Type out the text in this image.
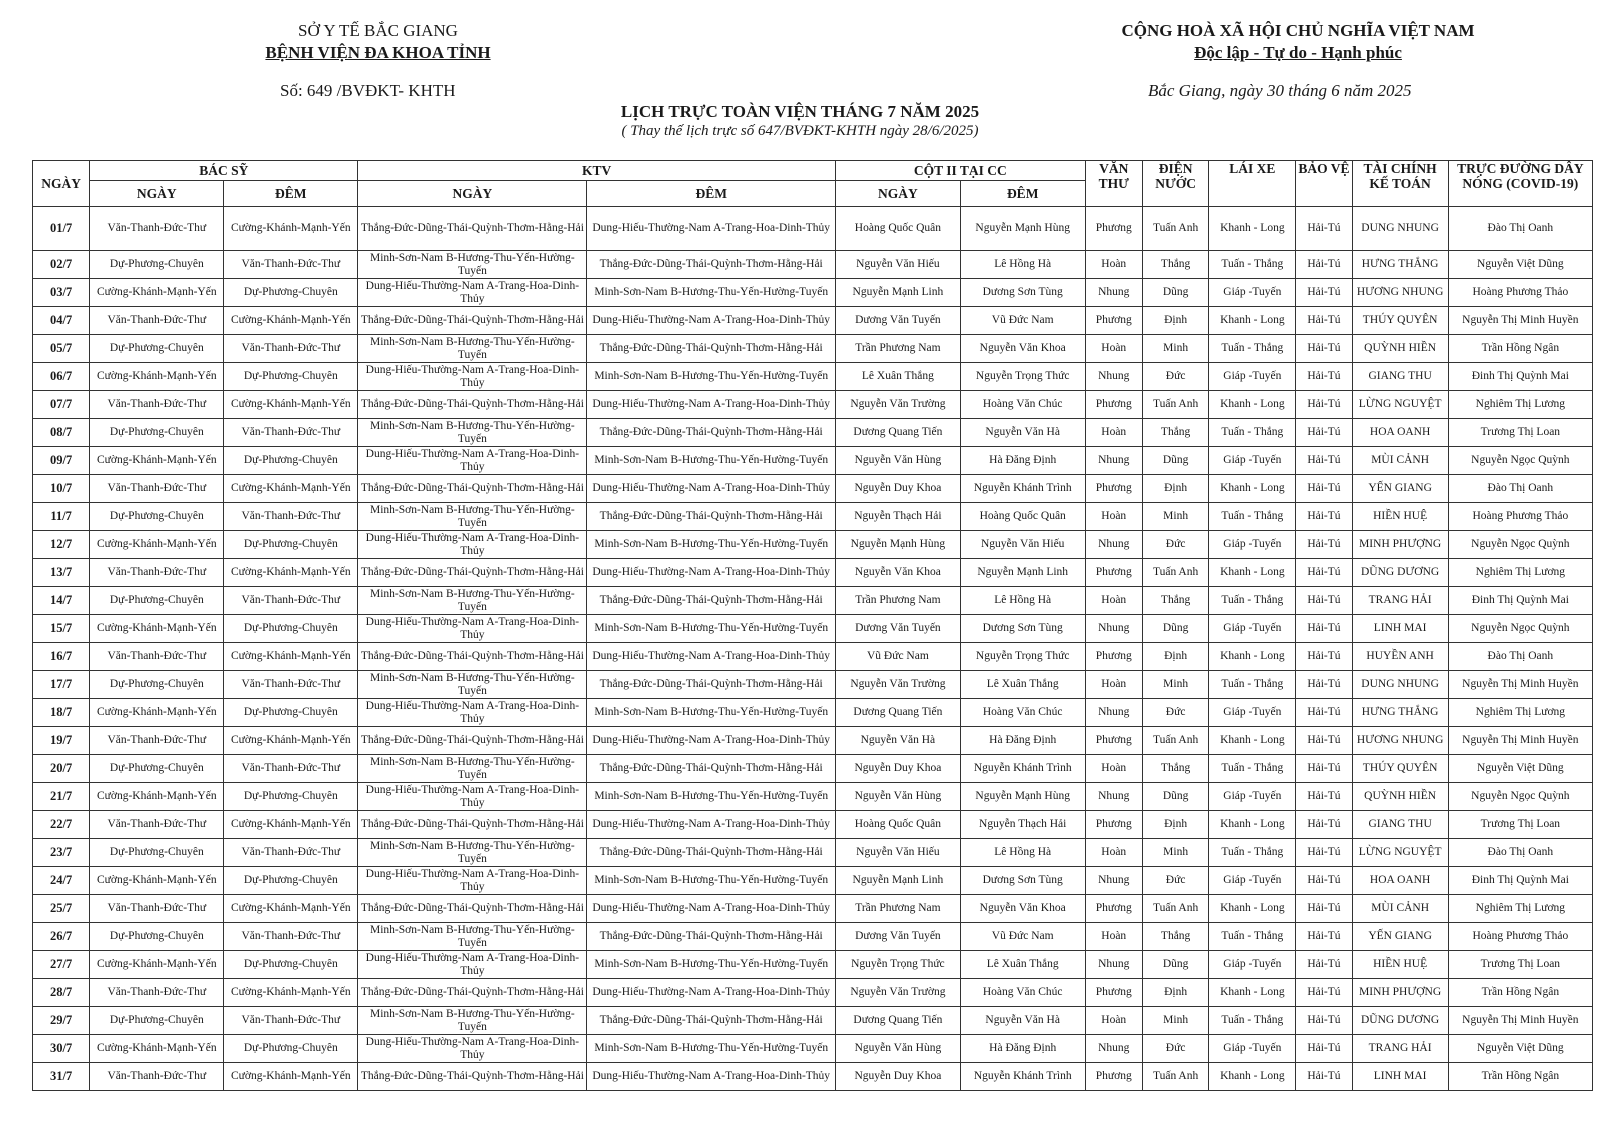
SỞ Y TẾ BẮC GIANG
BỆNH VIỆN ĐA KHOA TỈNH
Số: 649 /BVĐKT- KHTH
CỘNG HOÀ XÃ HỘI CHỦ NGHĨA VIỆT NAM
Độc lập - Tự do - Hạnh phúc
Bắc Giang, ngày 30 tháng 6 năm 2025
LỊCH TRỰC TOÀN VIỆN THÁNG 7 NĂM 2025
( Thay thế lịch trực số 647/BVĐKT-KHTH ngày 28/6/2025)
NGÀY	BÁC SỸ		KTV		CỘT II TẠI CC		VĂN THƯ	ĐIỆN NƯỚC	LÁI XE	BẢO VỆ	TÀI CHÍNH KẾ TOÁN	TRỰC ĐƯỜNG DÂY NÓNG (COVID-19)
	NGÀY	ĐÊM	NGÀY	ĐÊM	NGÀY	ĐÊM						
01/7	Văn-Thanh-Đức-Thư	Cường-Khánh-Mạnh-Yến	Thắng-Đức-Dũng-Thái-Quỳnh-Thơm-Hằng-Hải	Dung-Hiếu-Thường-Nam A-Trang-Hoa-Dinh-Thủy	Hoàng Quốc Quân	Nguyễn Mạnh Hùng	Phương	Tuấn Anh	Khanh - Long	Hải-Tú	DUNG NHUNG	Đào Thị Oanh
02/7	Dự-Phương-Chuyên	Văn-Thanh-Đức-Thư	Minh-Sơn-Nam B-Hương-Thu-Yến-Hường-Tuyến	Thắng-Đức-Dũng-Thái-Quỳnh-Thơm-Hằng-Hải	Nguyễn Văn Hiếu	Lê Hồng Hà	Hoàn	Thắng	Tuấn - Thắng	Hải-Tú	HƯNG THẮNG	Nguyễn Việt Dũng
03/7	Cường-Khánh-Mạnh-Yến	Dự-Phương-Chuyên	Dung-Hiếu-Thường-Nam A-Trang-Hoa-Dinh-Thủy	Minh-Sơn-Nam B-Hương-Thu-Yến-Hường-Tuyến	Nguyễn Mạnh Linh	Dương Sơn Tùng	Nhung	Dũng	Giáp -Tuyến	Hải-Tú	HƯƠNG NHUNG	Hoàng Phương Thảo
04/7	Văn-Thanh-Đức-Thư	Cường-Khánh-Mạnh-Yến	Thắng-Đức-Dũng-Thái-Quỳnh-Thơm-Hằng-Hải	Dung-Hiếu-Thường-Nam A-Trang-Hoa-Dinh-Thủy	Dương Văn Tuyến	Vũ Đức Nam	Phương	Định	Khanh - Long	Hải-Tú	THÚY QUYÊN	Nguyễn Thị Minh Huyền
05/7	Dự-Phương-Chuyên	Văn-Thanh-Đức-Thư	Minh-Sơn-Nam B-Hương-Thu-Yến-Hường-Tuyến	Thắng-Đức-Dũng-Thái-Quỳnh-Thơm-Hằng-Hải	Trần Phương Nam	Nguyễn Văn Khoa	Hoàn	Minh	Tuấn - Thắng	Hải-Tú	QUỲNH HIỀN	Trần Hồng Ngân
06/7	Cường-Khánh-Mạnh-Yến	Dự-Phương-Chuyên	Dung-Hiếu-Thường-Nam A-Trang-Hoa-Dinh-Thủy	Minh-Sơn-Nam B-Hương-Thu-Yến-Hường-Tuyến	Lê Xuân Thắng	Nguyễn Trọng Thức	Nhung	Đức	Giáp -Tuyến	Hải-Tú	GIANG THU	Đinh Thị Quỳnh Mai
07/7	Văn-Thanh-Đức-Thư	Cường-Khánh-Mạnh-Yến	Thắng-Đức-Dũng-Thái-Quỳnh-Thơm-Hằng-Hải	Dung-Hiếu-Thường-Nam A-Trang-Hoa-Dinh-Thủy	Nguyễn Văn Trường	Hoàng Văn Chúc	Phương	Tuấn Anh	Khanh - Long	Hải-Tú	LỪNG NGUYỆT	Nghiêm Thị Lương
08/7	Dự-Phương-Chuyên	Văn-Thanh-Đức-Thư	Minh-Sơn-Nam B-Hương-Thu-Yến-Hường-Tuyến	Thắng-Đức-Dũng-Thái-Quỳnh-Thơm-Hằng-Hải	Dương Quang Tiến	Nguyễn Văn Hà	Hoàn	Thắng	Tuấn - Thắng	Hải-Tú	HOA OANH	Trương Thị Loan
09/7	Cường-Khánh-Mạnh-Yến	Dự-Phương-Chuyên	Dung-Hiếu-Thường-Nam A-Trang-Hoa-Dinh-Thủy	Minh-Sơn-Nam B-Hương-Thu-Yến-Hường-Tuyến	Nguyễn Văn Hùng	Hà Đăng Định	Nhung	Dũng	Giáp -Tuyến	Hải-Tú	MÙI CẢNH	Nguyễn Ngọc Quỳnh
10/7	Văn-Thanh-Đức-Thư	Cường-Khánh-Mạnh-Yến	Thắng-Đức-Dũng-Thái-Quỳnh-Thơm-Hằng-Hải	Dung-Hiếu-Thường-Nam A-Trang-Hoa-Dinh-Thủy	Nguyễn Duy Khoa	Nguyễn Khánh Trình	Phương	Định	Khanh - Long	Hải-Tú	YẾN GIANG	Đào Thị Oanh
11/7	Dự-Phương-Chuyên	Văn-Thanh-Đức-Thư	Minh-Sơn-Nam B-Hương-Thu-Yến-Hường-Tuyến	Thắng-Đức-Dũng-Thái-Quỳnh-Thơm-Hằng-Hải	Nguyễn Thạch Hải	Hoàng Quốc Quân	Hoàn	Minh	Tuấn - Thắng	Hải-Tú	HIỀN HUỆ	Hoàng Phương Thảo
12/7	Cường-Khánh-Mạnh-Yến	Dự-Phương-Chuyên	Dung-Hiếu-Thường-Nam A-Trang-Hoa-Dinh-Thủy	Minh-Sơn-Nam B-Hương-Thu-Yến-Hường-Tuyến	Nguyễn Mạnh Hùng	Nguyễn Văn Hiếu	Nhung	Đức	Giáp -Tuyến	Hải-Tú	MINH PHƯỢNG	Nguyễn Ngọc Quỳnh
13/7	Văn-Thanh-Đức-Thư	Cường-Khánh-Mạnh-Yến	Thắng-Đức-Dũng-Thái-Quỳnh-Thơm-Hằng-Hải	Dung-Hiếu-Thường-Nam A-Trang-Hoa-Dinh-Thủy	Nguyễn Văn Khoa	Nguyễn Mạnh Linh	Phương	Tuấn Anh	Khanh - Long	Hải-Tú	DŨNG DƯƠNG	Nghiêm Thị Lương
14/7	Dự-Phương-Chuyên	Văn-Thanh-Đức-Thư	Minh-Sơn-Nam B-Hương-Thu-Yến-Hường-Tuyến	Thắng-Đức-Dũng-Thái-Quỳnh-Thơm-Hằng-Hải	Trần Phương Nam	Lê Hồng Hà	Hoàn	Thắng	Tuấn - Thắng	Hải-Tú	TRANG HẢI	Đinh Thị Quỳnh Mai
15/7	Cường-Khánh-Mạnh-Yến	Dự-Phương-Chuyên	Dung-Hiếu-Thường-Nam A-Trang-Hoa-Dinh-Thủy	Minh-Sơn-Nam B-Hương-Thu-Yến-Hường-Tuyến	Dương Văn Tuyến	Dương Sơn Tùng	Nhung	Dũng	Giáp -Tuyến	Hải-Tú	LINH MAI	Nguyễn Ngọc Quỳnh
16/7	Văn-Thanh-Đức-Thư	Cường-Khánh-Mạnh-Yến	Thắng-Đức-Dũng-Thái-Quỳnh-Thơm-Hằng-Hải	Dung-Hiếu-Thường-Nam A-Trang-Hoa-Dinh-Thủy	Vũ Đức Nam	Nguyễn Trọng Thức	Phương	Định	Khanh - Long	Hải-Tú	HUYỀN ANH	Đào Thị Oanh
17/7	Dự-Phương-Chuyên	Văn-Thanh-Đức-Thư	Minh-Sơn-Nam B-Hương-Thu-Yến-Hường-Tuyến	Thắng-Đức-Dũng-Thái-Quỳnh-Thơm-Hằng-Hải	Nguyễn Văn Trường	Lê Xuân Thắng	Hoàn	Minh	Tuấn - Thắng	Hải-Tú	DUNG NHUNG	Nguyễn Thị Minh Huyền
18/7	Cường-Khánh-Mạnh-Yến	Dự-Phương-Chuyên	Dung-Hiếu-Thường-Nam A-Trang-Hoa-Dinh-Thủy	Minh-Sơn-Nam B-Hương-Thu-Yến-Hường-Tuyến	Dương Quang Tiến	Hoàng Văn Chúc	Nhung	Đức	Giáp -Tuyến	Hải-Tú	HƯNG THẮNG	Nghiêm Thị Lương
19/7	Văn-Thanh-Đức-Thư	Cường-Khánh-Mạnh-Yến	Thắng-Đức-Dũng-Thái-Quỳnh-Thơm-Hằng-Hải	Dung-Hiếu-Thường-Nam A-Trang-Hoa-Dinh-Thủy	Nguyễn Văn Hà	Hà Đăng Định	Phương	Tuấn Anh	Khanh - Long	Hải-Tú	HƯƠNG NHUNG	Nguyễn Thị Minh Huyền
20/7	Dự-Phương-Chuyên	Văn-Thanh-Đức-Thư	Minh-Sơn-Nam B-Hương-Thu-Yến-Hường-Tuyến	Thắng-Đức-Dũng-Thái-Quỳnh-Thơm-Hằng-Hải	Nguyễn Duy Khoa	Nguyễn Khánh Trình	Hoàn	Thắng	Tuấn - Thắng	Hải-Tú	THÚY QUYÊN	Nguyễn Việt Dũng
21/7	Cường-Khánh-Mạnh-Yến	Dự-Phương-Chuyên	Dung-Hiếu-Thường-Nam A-Trang-Hoa-Dinh-Thủy	Minh-Sơn-Nam B-Hương-Thu-Yến-Hường-Tuyến	Nguyễn Văn Hùng	Nguyễn Mạnh Hùng	Nhung	Dũng	Giáp -Tuyến	Hải-Tú	QUỲNH HIỀN	Nguyễn Ngọc Quỳnh
22/7	Văn-Thanh-Đức-Thư	Cường-Khánh-Mạnh-Yến	Thắng-Đức-Dũng-Thái-Quỳnh-Thơm-Hằng-Hải	Dung-Hiếu-Thường-Nam A-Trang-Hoa-Dinh-Thủy	Hoàng Quốc Quân	Nguyễn Thạch Hải	Phương	Định	Khanh - Long	Hải-Tú	GIANG THU	Trương Thị Loan
23/7	Dự-Phương-Chuyên	Văn-Thanh-Đức-Thư	Minh-Sơn-Nam B-Hương-Thu-Yến-Hường-Tuyến	Thắng-Đức-Dũng-Thái-Quỳnh-Thơm-Hằng-Hải	Nguyễn Văn Hiếu	Lê Hồng Hà	Hoàn	Minh	Tuấn - Thắng	Hải-Tú	LỪNG NGUYỆT	Đào Thị Oanh
24/7	Cường-Khánh-Mạnh-Yến	Dự-Phương-Chuyên	Dung-Hiếu-Thường-Nam A-Trang-Hoa-Dinh-Thủy	Minh-Sơn-Nam B-Hương-Thu-Yến-Hường-Tuyến	Nguyễn Mạnh Linh	Dương Sơn Tùng	Nhung	Đức	Giáp -Tuyến	Hải-Tú	HOA OANH	Đinh Thị Quỳnh Mai
25/7	Văn-Thanh-Đức-Thư	Cường-Khánh-Mạnh-Yến	Thắng-Đức-Dũng-Thái-Quỳnh-Thơm-Hằng-Hải	Dung-Hiếu-Thường-Nam A-Trang-Hoa-Dinh-Thủy	Trần Phương Nam	Nguyễn Văn Khoa	Phương	Tuấn Anh	Khanh - Long	Hải-Tú	MÙI CẢNH	Nghiêm Thị Lương
26/7	Dự-Phương-Chuyên	Văn-Thanh-Đức-Thư	Minh-Sơn-Nam B-Hương-Thu-Yến-Hường-Tuyến	Thắng-Đức-Dũng-Thái-Quỳnh-Thơm-Hằng-Hải	Dương Văn Tuyến	Vũ Đức Nam	Hoàn	Thắng	Tuấn - Thắng	Hải-Tú	YẾN GIANG	Hoàng Phương Thảo
27/7	Cường-Khánh-Mạnh-Yến	Dự-Phương-Chuyên	Dung-Hiếu-Thường-Nam A-Trang-Hoa-Dinh-Thủy	Minh-Sơn-Nam B-Hương-Thu-Yến-Hường-Tuyến	Nguyễn Trọng Thức	Lê Xuân Thắng	Nhung	Dũng	Giáp -Tuyến	Hải-Tú	HIỀN HUỆ	Trương Thị Loan
28/7	Văn-Thanh-Đức-Thư	Cường-Khánh-Mạnh-Yến	Thắng-Đức-Dũng-Thái-Quỳnh-Thơm-Hằng-Hải	Dung-Hiếu-Thường-Nam A-Trang-Hoa-Dinh-Thủy	Nguyễn Văn Trường	Hoàng Văn Chúc	Phương	Định	Khanh - Long	Hải-Tú	MINH PHƯỢNG	Trần Hồng Ngân
29/7	Dự-Phương-Chuyên	Văn-Thanh-Đức-Thư	Minh-Sơn-Nam B-Hương-Thu-Yến-Hường-Tuyến	Thắng-Đức-Dũng-Thái-Quỳnh-Thơm-Hằng-Hải	Dương Quang Tiến	Nguyễn Văn Hà	Hoàn	Minh	Tuấn - Thắng	Hải-Tú	DŨNG DƯƠNG	Nguyễn Thị Minh Huyền
30/7	Cường-Khánh-Mạnh-Yến	Dự-Phương-Chuyên	Dung-Hiếu-Thường-Nam A-Trang-Hoa-Dinh-Thủy	Minh-Sơn-Nam B-Hương-Thu-Yến-Hường-Tuyến	Nguyễn Văn Hùng	Hà Đăng Định	Nhung	Đức	Giáp -Tuyến	Hải-Tú	TRANG HẢI	Nguyễn Việt Dũng
31/7	Văn-Thanh-Đức-Thư	Cường-Khánh-Mạnh-Yến	Thắng-Đức-Dũng-Thái-Quỳnh-Thơm-Hằng-Hải	Dung-Hiếu-Thường-Nam A-Trang-Hoa-Dinh-Thủy	Nguyễn Duy Khoa	Nguyễn Khánh Trình	Phương	Tuấn Anh	Khanh - Long	Hải-Tú	LINH MAI	Trần Hồng Ngân
